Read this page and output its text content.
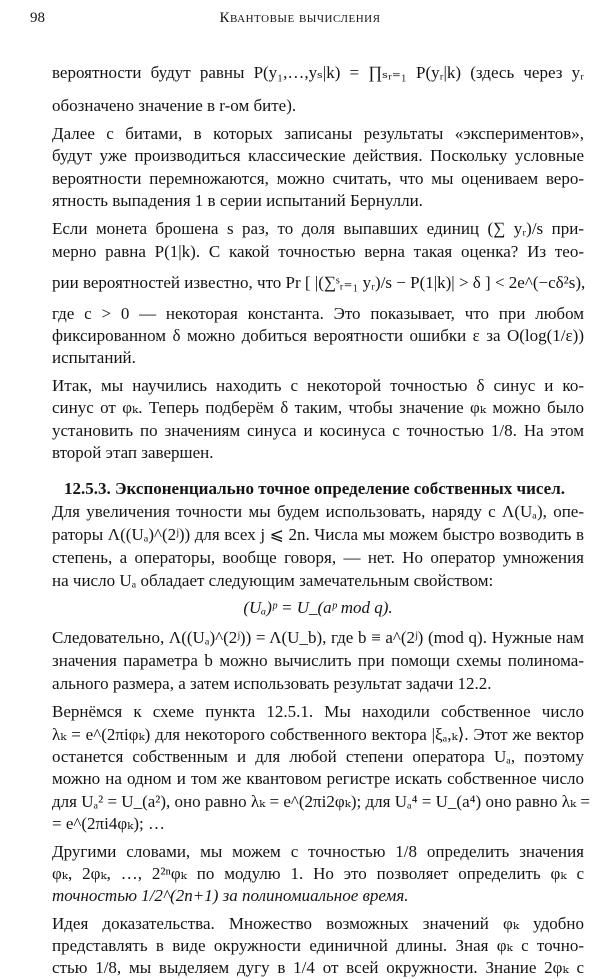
98	Квантовые вычисления
вероятности будут равны P(y₁,…,yₛ|k) = ∏ₛᵣ₌₁ P(yᵣ|k) (здесь через yᵣ
обозначено значение в r-ом бите).
Далее с битами, в которых записаны результаты «экспериментов»,
будут уже производиться классические действия. Поскольку условные
вероятности перемножаются, можно считать, что мы оцениваем веро-
ятность выпадения 1 в серии испытаний Бернулли.
Если монета брошена s раз, то доля выпавших единиц (∑ yᵣ)/s при-
мерно равна P(1|k). С какой точностью верна такая оценка? Из тео-
рии вероятностей известно, что Pr [ |(∑ˢᵣ₌₁ yᵣ)/s − P(1|k)| > δ ] < 2e^(−cδ²s),
где c > 0 — некоторая константа. Это показывает, что при любом
фиксированном δ можно добиться вероятности ошибки ε за O(log(1/ε))
испытаний.
Итак, мы научились находить с некоторой точностью δ синус и ко-
синус от φₖ. Теперь подберём δ таким, чтобы значение φₖ можно было
установить по значениям синуса и косинуса с точностью 1/8. На этом
второй этап завершен.
12.5.3. Экспоненциально точное определение собственных чисел.
Для увеличения точности мы будем использовать, наряду с Λ(Uₐ), опе-
раторы Λ((Uₐ)^(2ʲ)) для всех j ⩽ 2n. Числа мы можем быстро возводить в
степень, а операторы, вообще говоря, — нет. Но оператор умножения
на число Uₐ обладает следующим замечательным свойством:
(Uₐ)ᵖ = U_(aᵖ mod q).
Следовательно, Λ((Uₐ)^(2ʲ)) = Λ(U_b), где b ≡ a^(2ʲ) (mod q). Нужные нам
значения параметра b можно вычислить при помощи схемы полинома-
ального размера, а затем использовать результат задачи 12.2.
Вернёмся к схеме пункта 12.5.1. Мы находили собственное число
λₖ = e^(2πiφₖ) для некоторого собственного вектора |ξₐ,ₖ⟩. Этот же вектор
останется собственным и для любой степени оператора Uₐ, поэтому
можно на одном и том же квантовом регистре искать собственное число
для Uₐ² = U_(a²), оно равно λₖ = e^(2πi2φₖ); для Uₐ⁴ = U_(a⁴) оно равно λₖ =
= e^(2πi4φₖ); …
Другими словами, мы можем с точностью 1/8 определить значения
φₖ, 2φₖ, …, 2²ⁿφₖ по модулю 1. Но это позволяет определить φₖ с
точностью 1/2^(2n+1) за полиномиальное время.
Идея доказательства. Множество возможных значений φₖ удобно
представлять в виде окружности единичной длины. Зная φₖ с точно-
стью 1/8, мы выделяем дугу в 1/4 от всей окружности. Знание 2φₖ с
